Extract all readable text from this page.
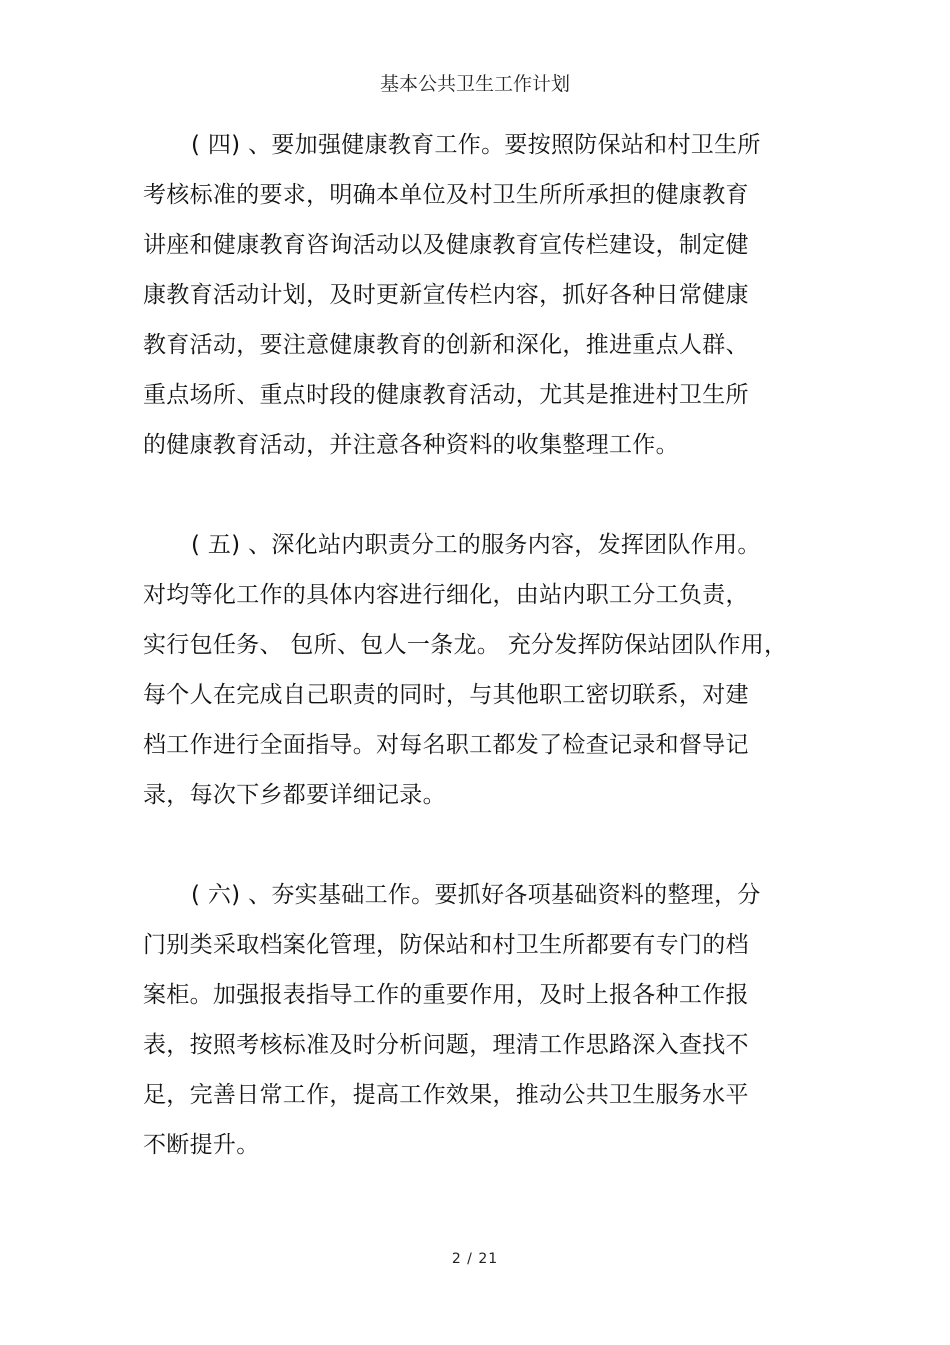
基本公共卫生工作计划

( 四) 、要加强健康教育工作。要按照防保站和村卫生所
考核标准的要求，明确本单位及村卫生所所承担的健康教育
讲座和健康教育咨询活动以及健康教育宣传栏建设，制定健
康教育活动计划，及时更新宣传栏内容，抓好各种日常健康
教育活动，要注意健康教育的创新和深化，推进重点人群、
重点场所、重点时段的健康教育活动，尤其是推进村卫生所
的健康教育活动，并注意各种资料的收集整理工作。

( 五) 、深化站内职责分工的服务内容，发挥团队作用。
对均等化工作的具体内容进行细化，由站内职工分工负责，
实行包任务、 包所、包人一条龙。 充分发挥防保站团队作用，
每个人在完成自己职责的同时，与其他职工密切联系，对建
档工作进行全面指导。对每名职工都发了检查记录和督导记
录，每次下乡都要详细记录。

( 六) 、夯实基础工作。要抓好各项基础资料的整理，分
门别类采取档案化管理，防保站和村卫生所都要有专门的档
案柜。加强报表指导工作的重要作用，及时上报各种工作报
表，按照考核标准及时分析问题，理清工作思路深入查找不
足，完善日常工作，提高工作效果，推动公共卫生服务水平
不断提升。

2 / 21
